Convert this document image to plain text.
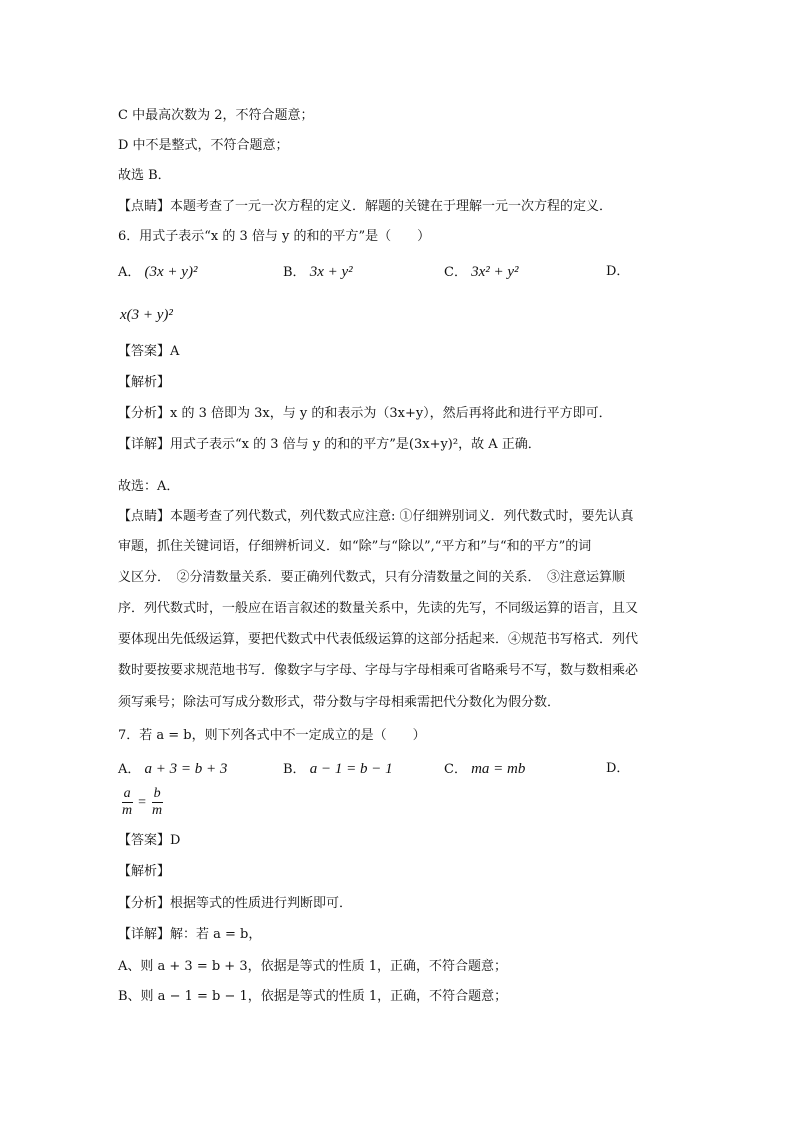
C 中最高次数为 2，不符合题意；
D 中不是整式，不符合题意；
故选 B．
【点睛】本题考查了一元一次方程的定义．解题的关键在于理解一元一次方程的定义．
6．用式子表示“x 的 3 倍与 y 的和的平方”是（　　）
A． (3x + y)²	B． 3x + y²	C． 3x² + y²	D．
x(3 + y)²
【答案】A
【解析】
【分析】x 的 3 倍即为 3x，与 y 的和表示为（3x+y），然后再将此和进行平方即可．
【详解】用式子表示“x 的 3 倍与 y 的和的平方”是(3x+y)²，故 A 正确．
故选：A．
【点睛】本题考查了列代数式，列代数式应注意: ①仔细辨别词义．列代数式时，要先认真
审题，抓住关键词语，仔细辨析词义．如“除”与“除以”,“平方和”与“和的平方”的词
义区分．　②分清数量关系．要正确列代数式，只有分清数量之间的关系．　③注意运算顺
序．列代数式时，一般应在语言叙述的数量关系中，先读的先写，不同级运算的语言，且又
要体现出先低级运算，要把代数式中代表低级运算的这部分括起来．④规范书写格式．列代
数时要按要求规范地书写．像数字与字母、字母与字母相乘可省略乘号不写，数与数相乘必
须写乘号；除法可写成分数形式，带分数与字母相乘需把代分数化为假分数．
7．若 a = b，则下列各式中不一定成立的是（　　）
A． a + 3 = b + 3	B． a − 1 = b − 1	C． ma = mb	D．
$\frac{a}{m} = \frac{b}{m}$
【答案】D
【解析】
【分析】根据等式的性质进行判断即可．
【详解】解：若 a = b，
A、则 a + 3 = b + 3，依据是等式的性质 1，正确，不符合题意；
B、则 a − 1 = b − 1，依据是等式的性质 1，正确，不符合题意；
